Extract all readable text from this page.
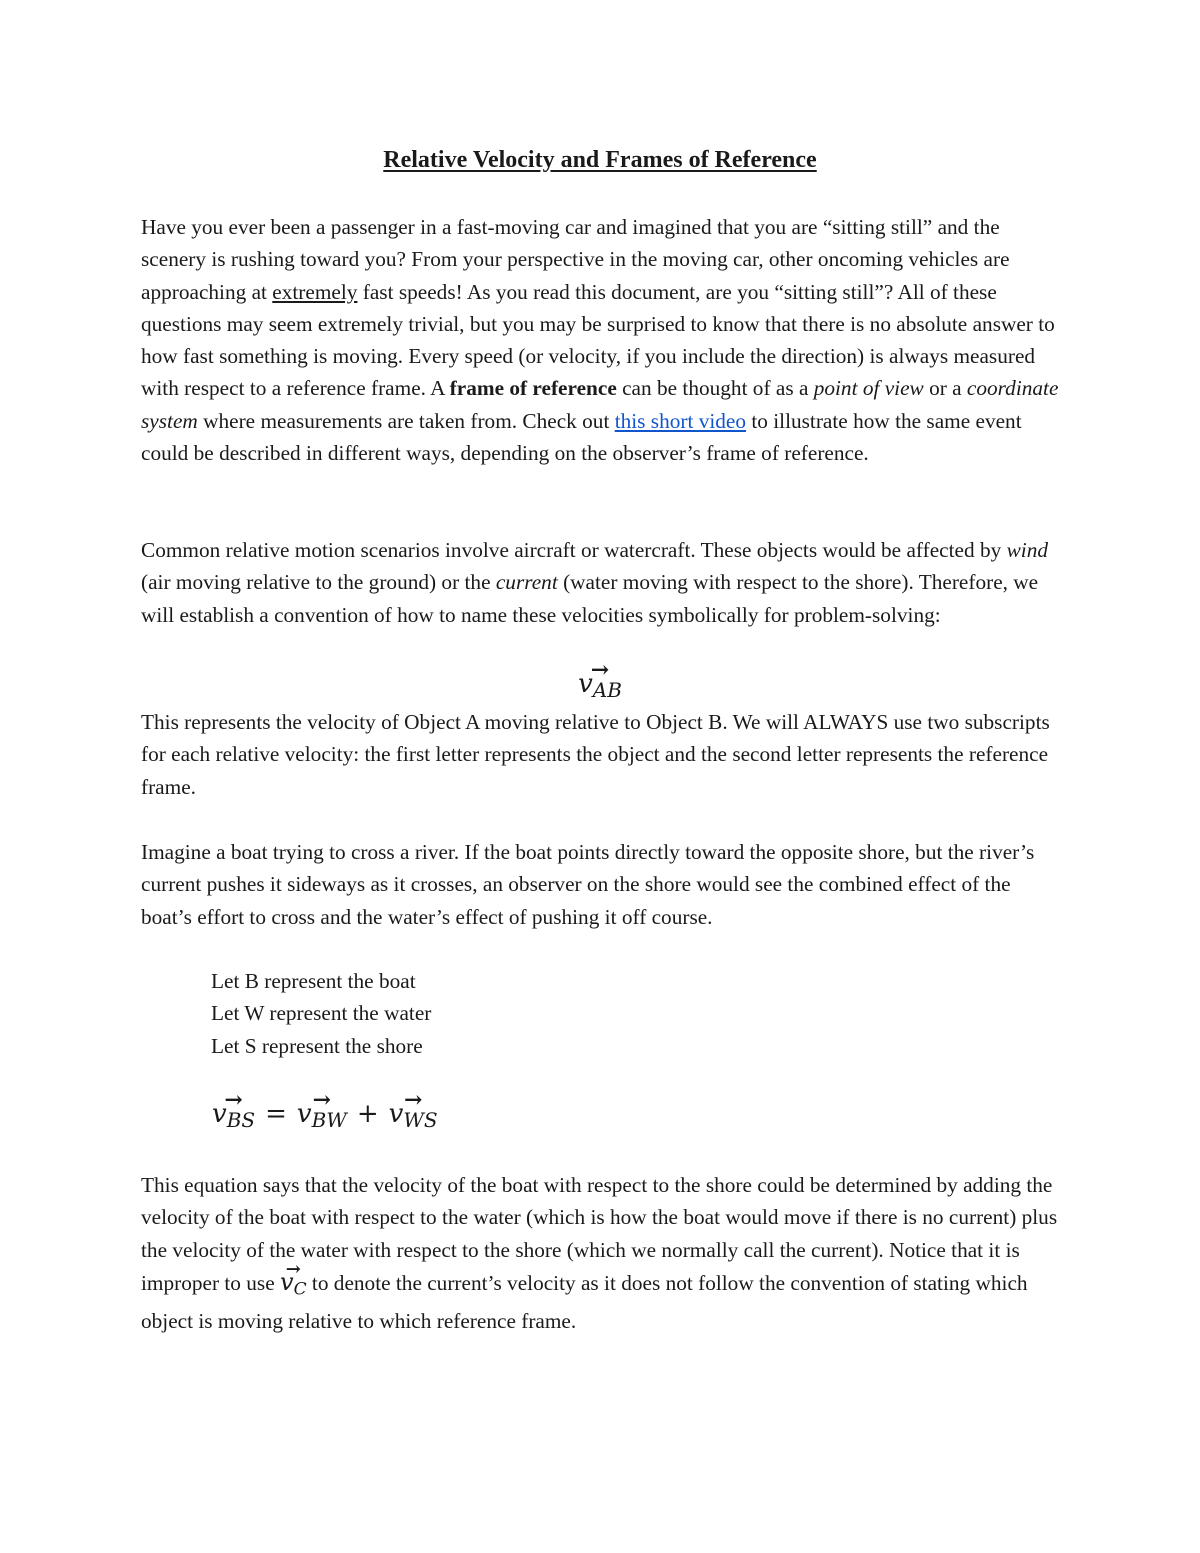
Relative Velocity and Frames of Reference

Have you ever been a passenger in a fast-moving car and imagined that you are “sitting still” and the scenery is rushing toward you? From your perspective in the moving car, other oncoming vehicles are approaching at extremely fast speeds! As you read this document, are you “sitting still”? All of these questions may seem extremely trivial, but you may be surprised to know that there is no absolute answer to how fast something is moving. Every speed (or velocity, if you include the direction) is always measured with respect to a reference frame. A frame of reference can be thought of as a point of view or a coordinate system where measurements are taken from. Check out this short video to illustrate how the same event could be described in different ways, depending on the observer’s frame of reference.

Common relative motion scenarios involve aircraft or watercraft. These objects would be affected by wind (air moving relative to the ground) or the current (water moving with respect to the shore). Therefore, we will establish a convention of how to name these velocities symbolically for problem-solving:

→
$v_{AB}$

This represents the velocity of Object A moving relative to Object B. We will ALWAYS use two subscripts for each relative velocity: the first letter represents the object and the second letter represents the reference frame.

Imagine a boat trying to cross a river. If the boat points directly toward the opposite shore, but the river’s current pushes it sideways as it crosses, an observer on the shore would see the combined effect of the boat’s effort to cross and the water’s effect of pushing it off course.

Let B represent the boat
Let W represent the water
Let S represent the shore
→
$v_{BS}$ = →
$v_{BW}$ + →
$v_{WS}$

This equation says that the velocity of the boat with respect to the shore could be determined by adding the velocity of the boat with respect to the water (which is how the boat would move if there is no current) plus the velocity of the water with respect to the shore (which we normally call the current). Notice that it is improper to use
→
$v_C$ to denote the current’s velocity as it does not follow the convention of stating which object is moving relative to which reference frame.
